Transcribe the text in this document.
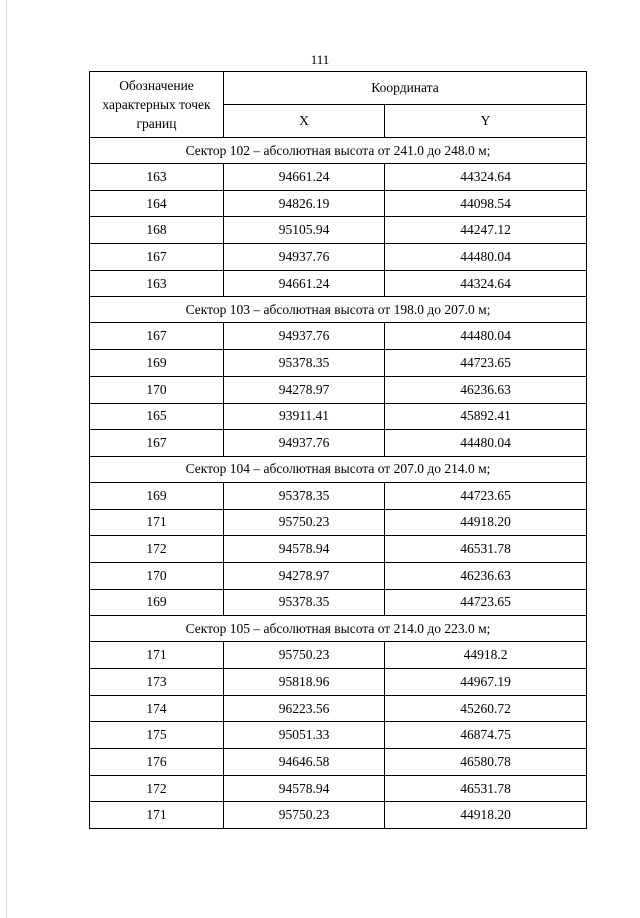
111
Обозначение характерных точек границ	Координата	
	X	Y
Сектор 102 – абсолютная высота от 241.0 до 248.0 м;		
163	94661.24	44324.64
164	94826.19	44098.54
168	95105.94	44247.12
167	94937.76	44480.04
163	94661.24	44324.64
Сектор 103 – абсолютная высота от 198.0 до 207.0 м;		
167	94937.76	44480.04
169	95378.35	44723.65
170	94278.97	46236.63
165	93911.41	45892.41
167	94937.76	44480.04
Сектор 104 – абсолютная высота от 207.0 до 214.0 м;		
169	95378.35	44723.65
171	95750.23	44918.20
172	94578.94	46531.78
170	94278.97	46236.63
169	95378.35	44723.65
Сектор 105 – абсолютная высота от 214.0 до 223.0 м;		
171	95750.23	44918.2
173	95818.96	44967.19
174	96223.56	45260.72
175	95051.33	46874.75
176	94646.58	46580.78
172	94578.94	46531.78
171	95750.23	44918.20
